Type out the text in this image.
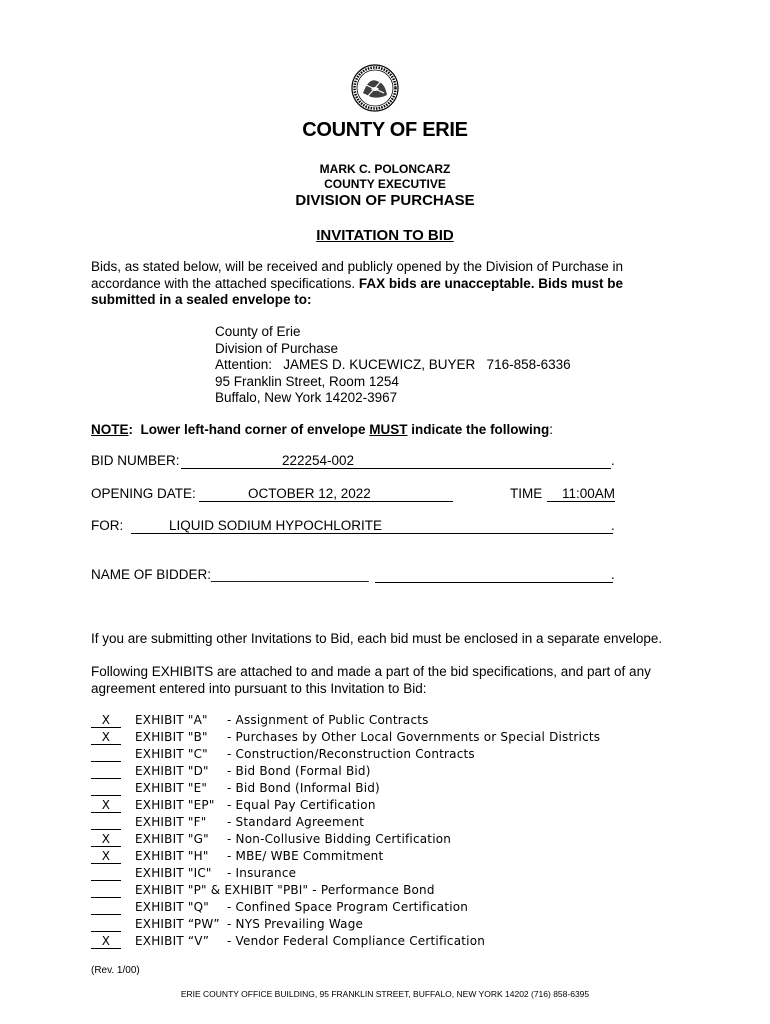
COUNTY OF ERIE
MARK C. POLONCARZ
COUNTY EXECUTIVE
DIVISION OF PURCHASE
INVITATION TO BID
Bids, as stated below, will be received and publicly opened by the Division of Purchase in accordance with the attached specifications. FAX bids are unacceptable. Bids must be submitted in a sealed envelope to:
County of Erie
Division of Purchase
Attention:   JAMES D. KUCEWICZ, BUYER   716-858-6336
95 Franklin Street, Room 1254
Buffalo, New York 14202-3967
NOTE:  Lower left-hand corner of envelope MUST indicate the following:
BID NUMBER:	222254-002	.
OPENING DATE:	OCTOBER 12, 2022	TIME 11:00AM
FOR:	LIQUID SODIUM HYPOCHLORITE	.
NAME OF BIDDER:_____________________	.
If you are submitting other Invitations to Bid, each bid must be enclosed in a separate envelope.
Following EXHIBITS are attached to and made a part of the bid specifications, and part of any agreement entered into pursuant to this Invitation to Bid:
X	EXHIBIT "A" - Assignment of Public Contracts
X	EXHIBIT "B" - Purchases by Other Local Governments or Special Districts
EXHIBIT "C" - Construction/Reconstruction Contracts
EXHIBIT "D" - Bid Bond (Formal Bid)
EXHIBIT "E" - Bid Bond (Informal Bid)
X	EXHIBIT "EP" - Equal Pay Certification
EXHIBIT "F" - Standard Agreement
X	EXHIBIT "G" - Non-Collusive Bidding Certification
X	EXHIBIT "H" - MBE/ WBE Commitment
EXHIBIT "IC" - Insurance
EXHIBIT "P" & EXHIBIT "PBI" - Performance Bond
EXHIBIT "Q" - Confined Space Program Certification
EXHIBIT “PW” - NYS Prevailing Wage
X	EXHIBIT “V” - Vendor Federal Compliance Certification
(Rev. 1/00)
ERIE COUNTY OFFICE BUILDING, 95 FRANKLIN STREET, BUFFALO, NEW YORK 14202 (716) 858-6395
